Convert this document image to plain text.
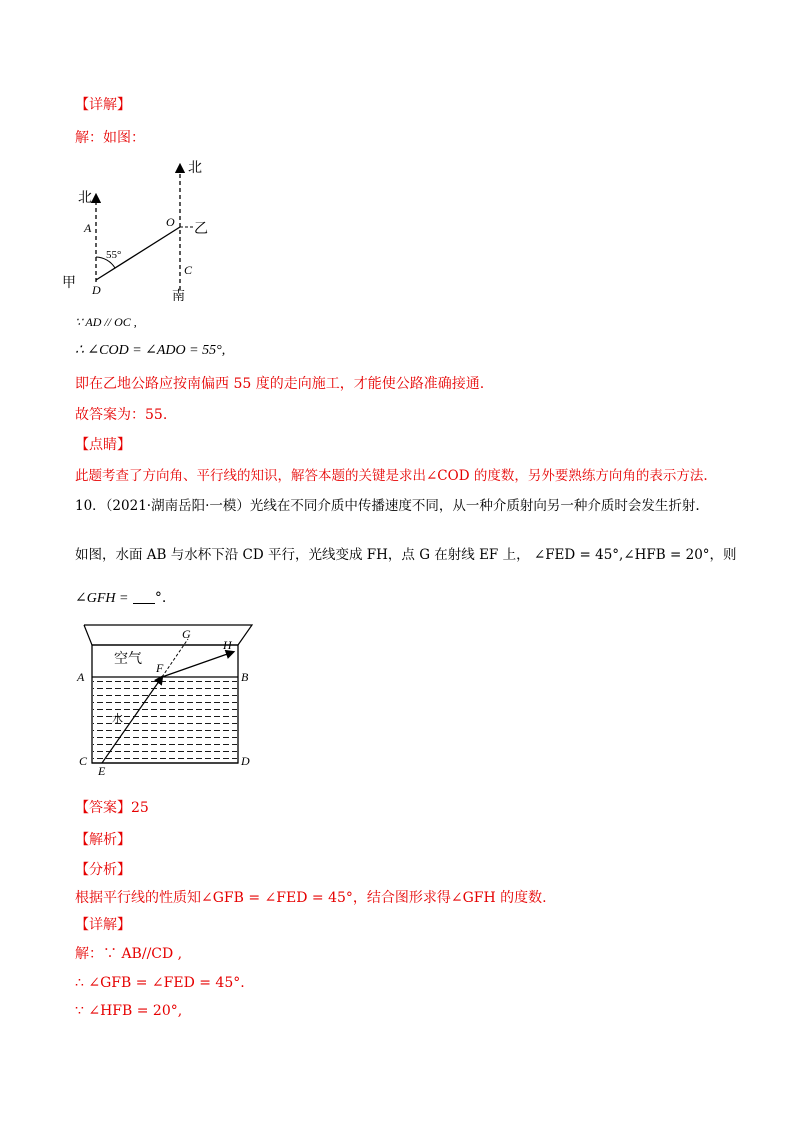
【详解】
解：如图：
北
北
南
A
C
D
O
甲
乙
55°
∵ AD // OC ,
∴ ∠COD = ∠ADO = 55°,
即在乙地公路应按南偏西 55 度的走向施工，才能使公路准确接通.
故答案为：55.
【点睛】
此题考查了方向角、平行线的知识，解答本题的关键是求出∠COD 的度数，另外要熟练方向角的表示方法.
10．（2021·湖南岳阳·一模）光线在不同介质中传播速度不同，从一种介质射向另一种介质时会发生折射.
如图，水面 AB 与水杯下沿 CD 平行，光线变成 FH，点 G 在射线 EF 上， ∠FED = 45°,∠HFB = 20°，则
∠GFH = °.
空气
水
A	B
C	D
E
F
G
H
【答案】25
【解析】
【分析】
根据平行线的性质知∠GFB = ∠FED = 45°，结合图形求得∠GFH 的度数.
【详解】
解：∵ AB//CD ,
∴ ∠GFB = ∠FED = 45°.
∵ ∠HFB = 20°,
